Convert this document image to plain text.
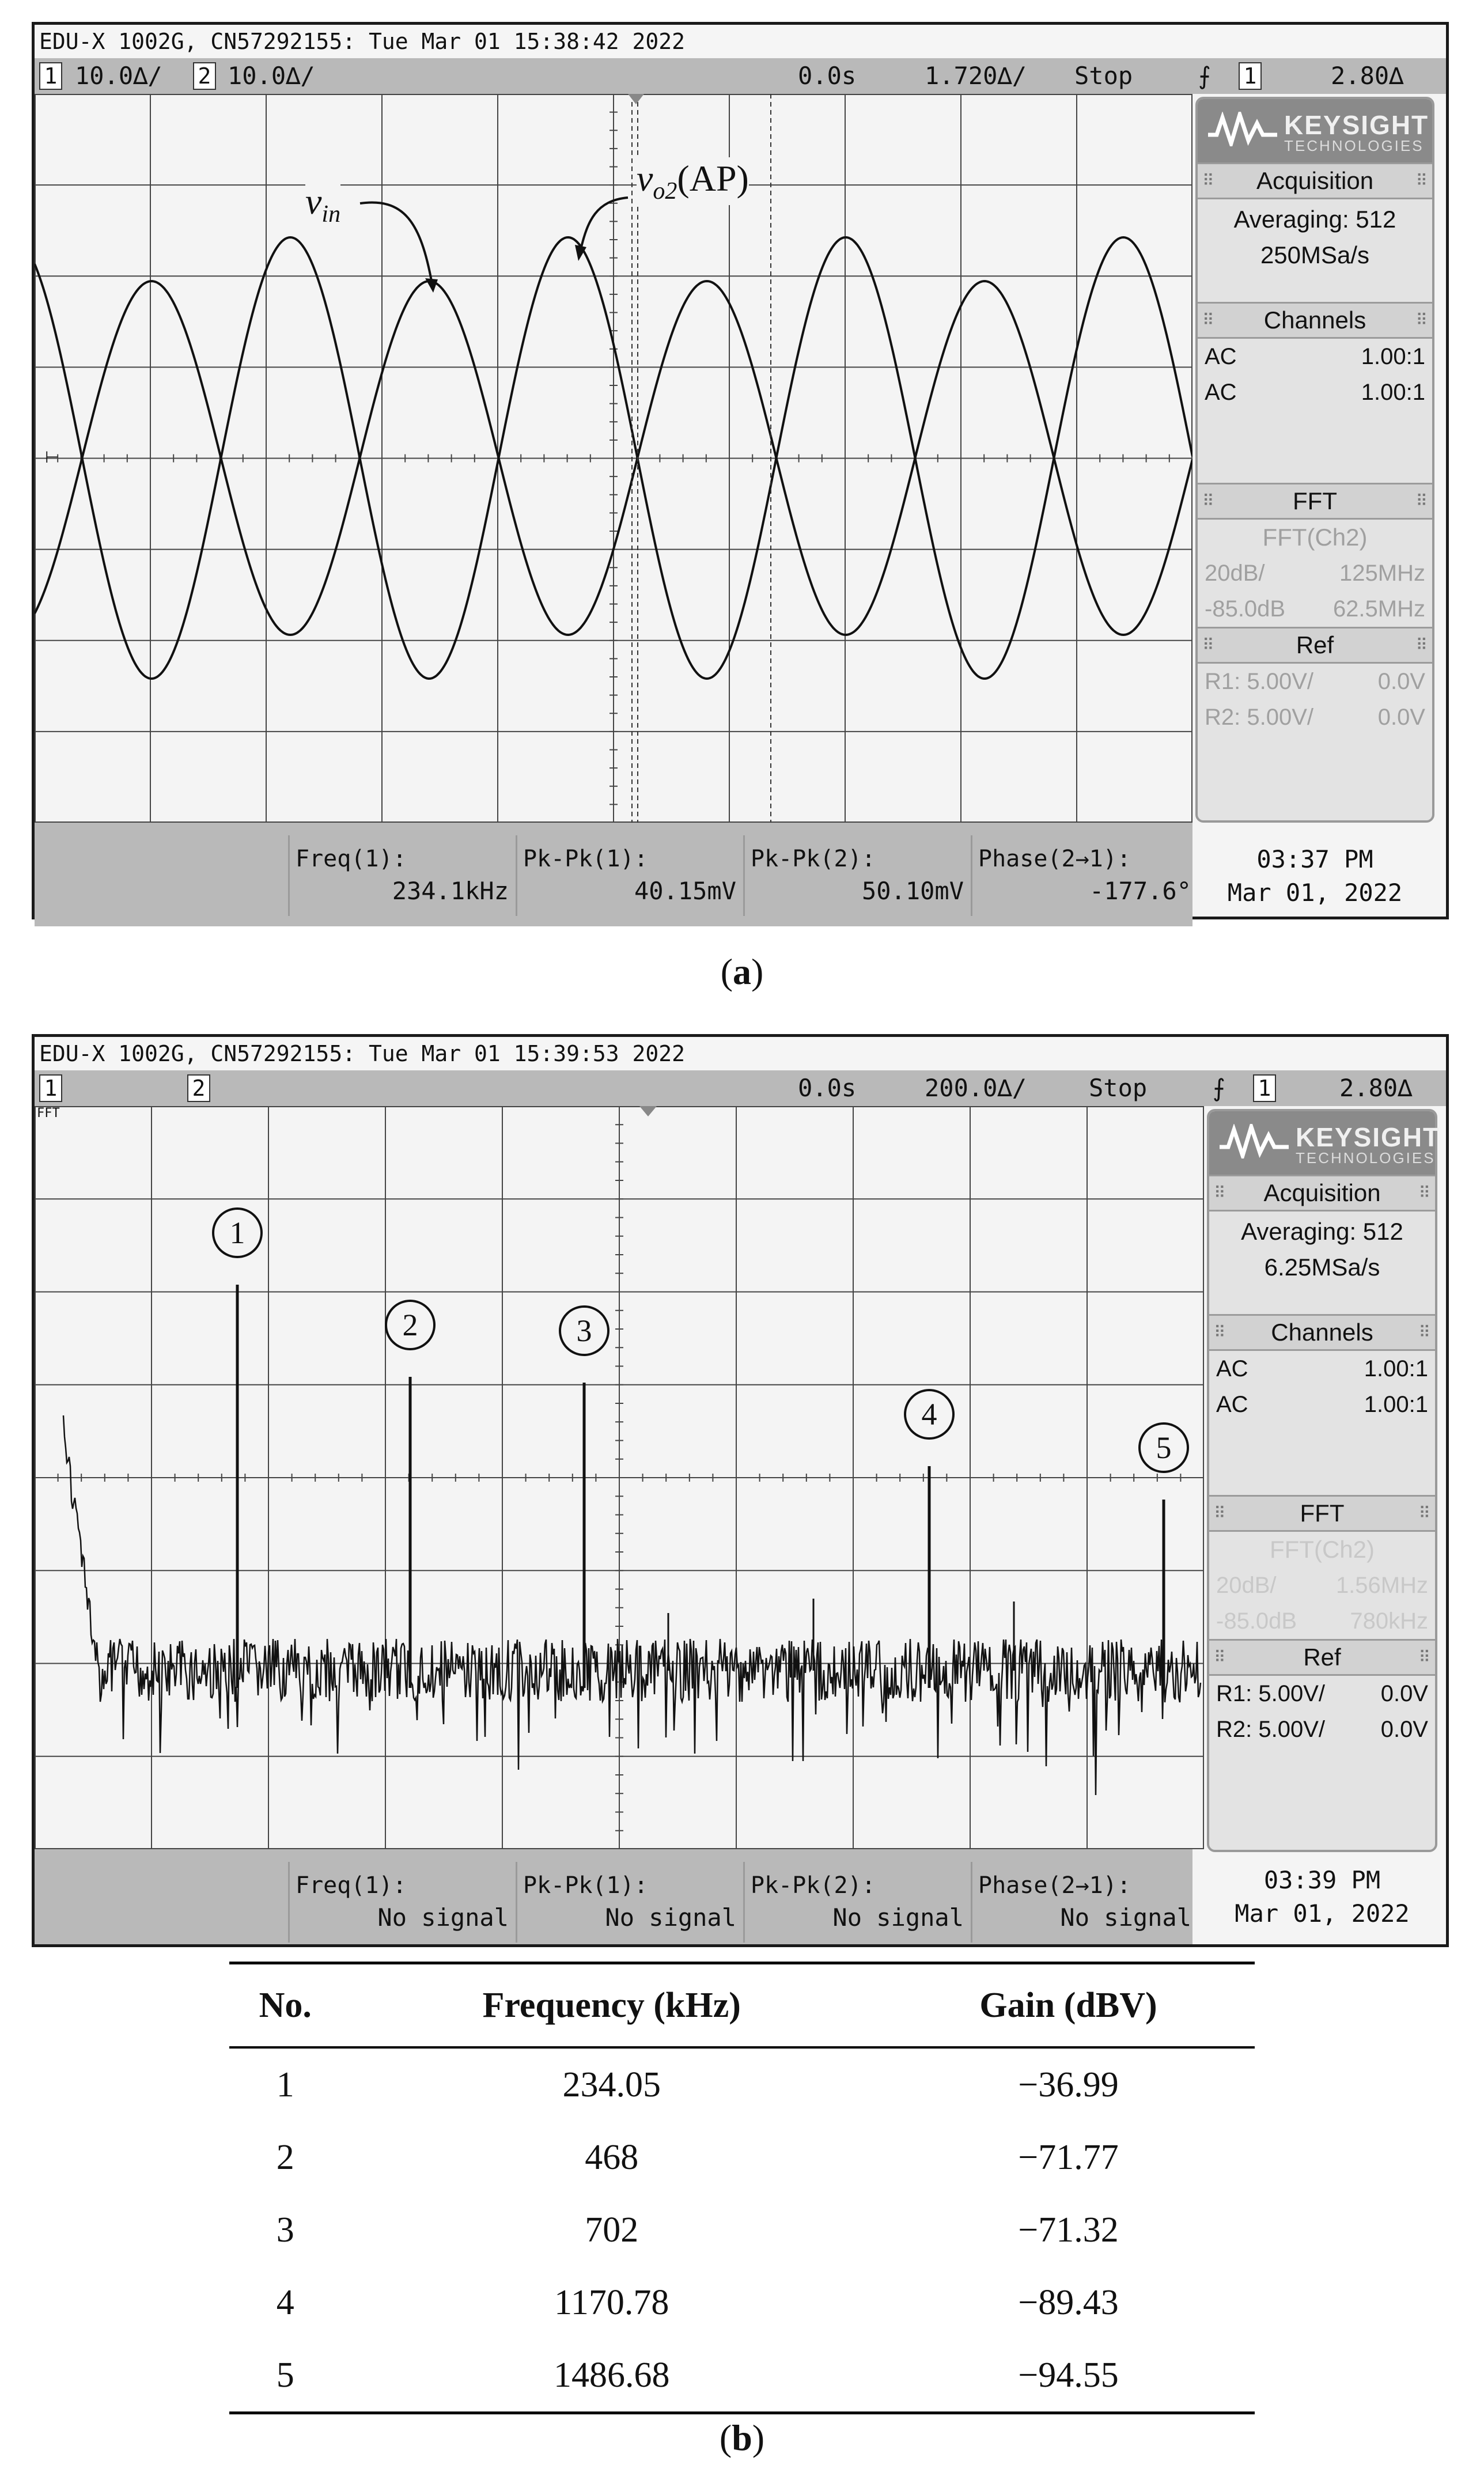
EDU-X 1002G, CN57292155: Tue Mar 01 15:38:42 2022
1 10.0∆/ 2 10.0∆/	0.0s	1.720∆/ Stop	⨍ 1	2.80∆
⊢
$v_{in}$
$v_{o2}(AP)$
KEYSIGHT
TECHNOLOGIES
⠿ Acquisition ⠿
Averaging: 512
250MSa/s
⠿ Channels ⠿
AC	1.00:1
AC	1.00:1
⠿ FFT ⠿
FFT(Ch2)
20dB/	125MHz
-85.0dB 62.5MHz
⠿ Ref ⠿
R1: 5.00V/	0.0V
R2: 5.00V/	0.0V
Freq(1):
234.1kHz
Pk-Pk(1):
40.15mV
Pk-Pk(2):
50.10mV
Phase(2→1):
-177.6°
03:37 PM
Mar 01, 2022
(a)
EDU-X 1002G, CN57292155: Tue Mar 01 15:39:53 2022
1	2	0.0s	200.0∆/	Stop	⨍ 1	2.80∆
1
2	3
4
5
FFT
KEYSIGHT
TECHNOLOGIES
⠿ Acquisition ⠿
Averaging: 512
6.25MSa/s
⠿ Channels ⠿
AC	1.00:1
AC	1.00:1
⠿ FFT ⠿
FFT(Ch2)
20dB/	1.56MHz
-85.0dB 780kHz
⠿ Ref ⠿
R1: 5.00V/ 0.0V
R2: 5.00V/ 0.0V
Freq(1):
No signal
Pk-Pk(1):
No signal
Pk-Pk(2):
No signal
Phase(2→1):
No signal
03:39 PM
Mar 01, 2022
No.	Frequency (kHz)	Gain (dBV)
1	234.05	−36.99
2	468	−71.77
3	702	−71.32
4	1170.78	−89.43
5	1486.68	−94.55
(b)
